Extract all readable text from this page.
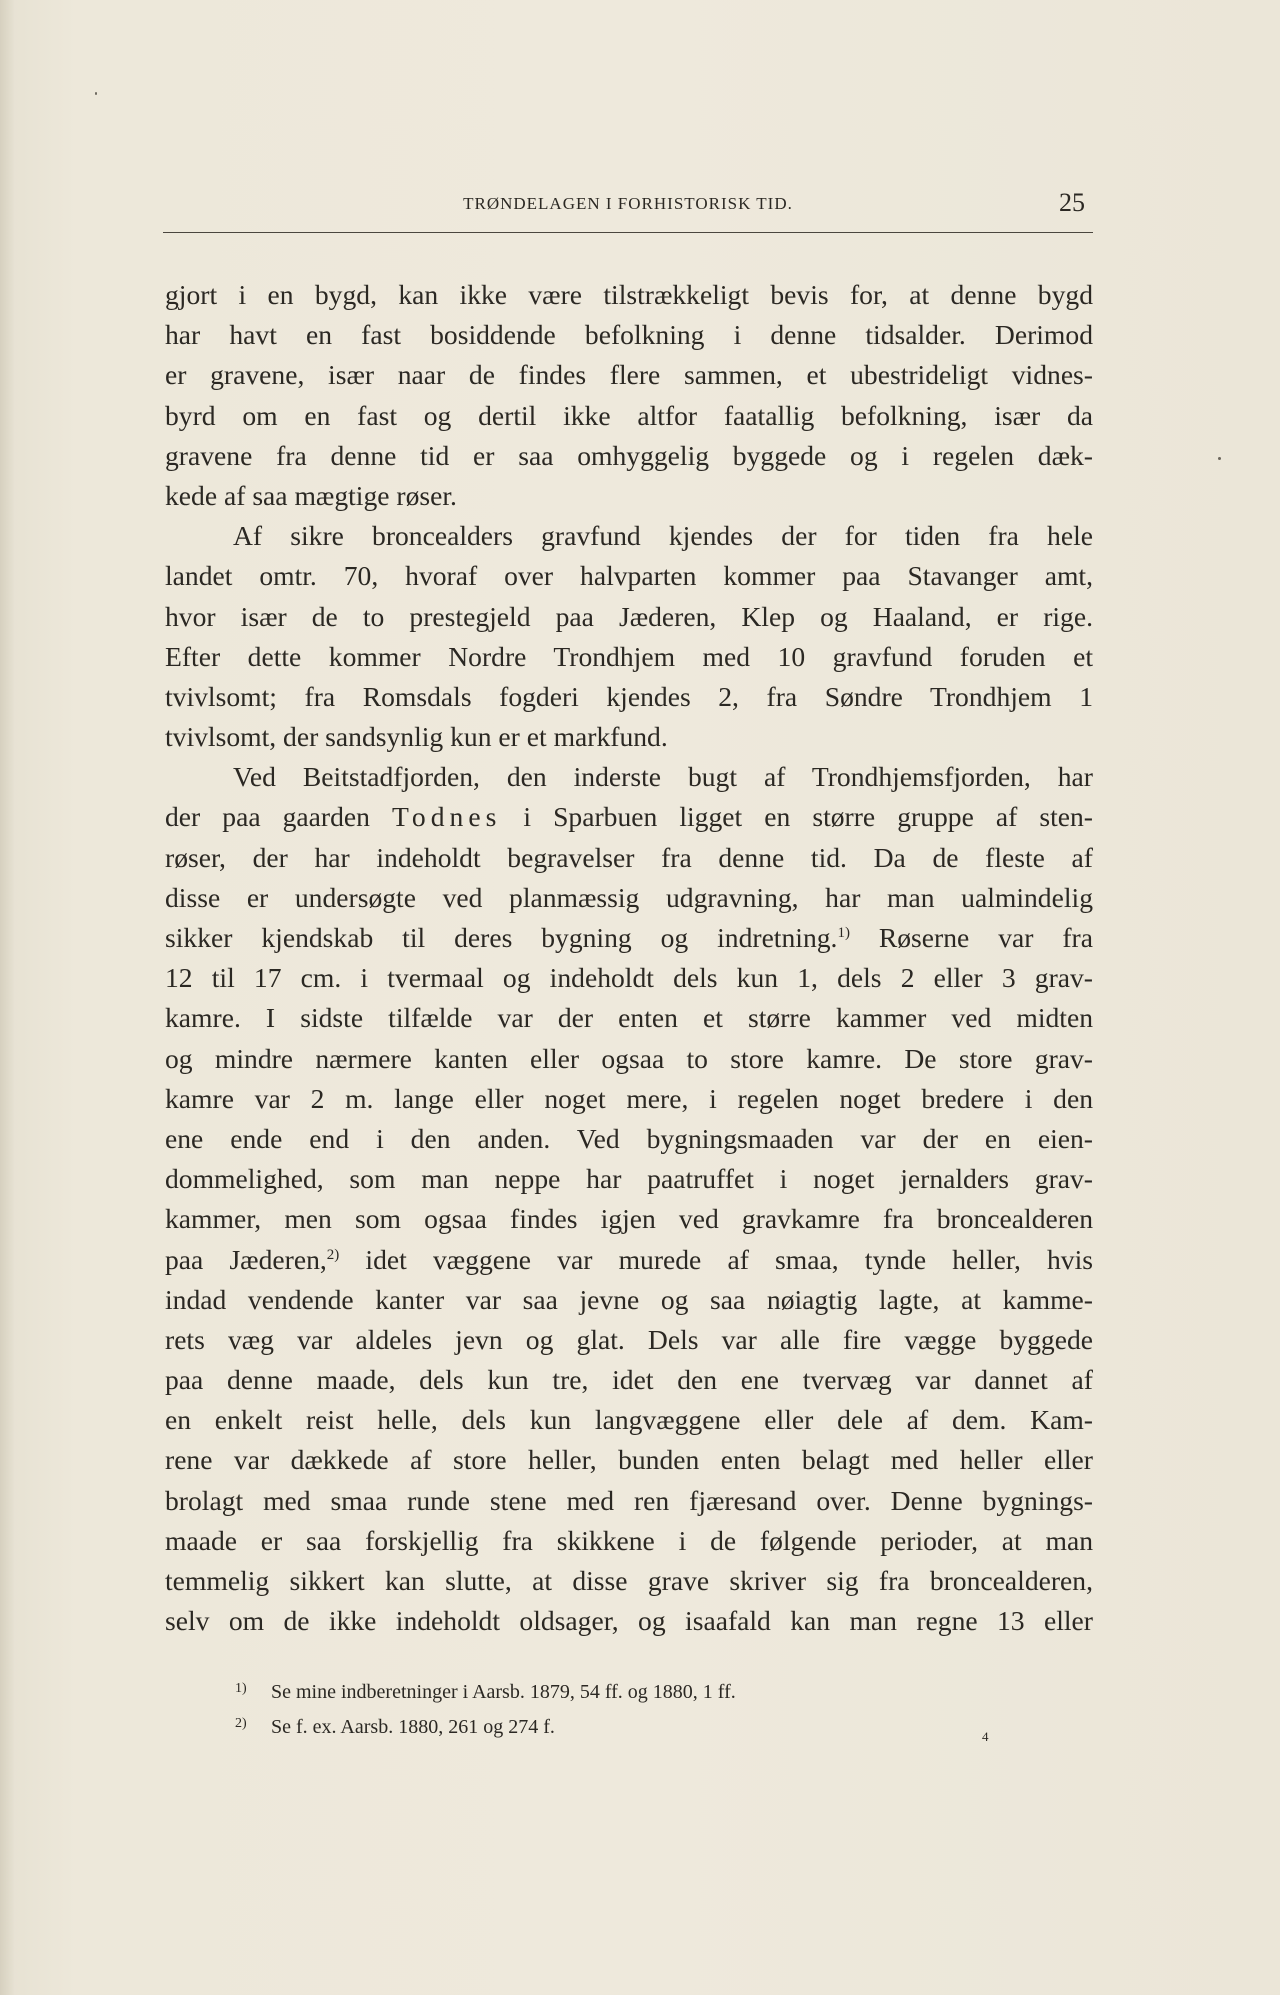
TRØNDELAGEN I FORHISTORISK TID.	25
gjort i en bygd, kan ikke være tilstrækkeligt bevis for, at denne bygd
har havt en fast bosiddende befolkning i denne tidsalder. Derimod
er gravene, især naar de findes flere sammen, et ubestrideligt vidnes-
byrd om en fast og dertil ikke altfor faatallig befolkning, især da
gravene fra denne tid er saa omhyggelig byggede og i regelen dæk-
kede af saa mægtige røser.
Af sikre broncealders gravfund kjendes der for tiden fra hele
landet omtr. 70, hvoraf over halvparten kommer paa Stavanger amt,
hvor især de to prestegjeld paa Jæderen, Klep og Haaland, er rige.
Efter dette kommer Nordre Trondhjem med 10 gravfund foruden et
tvivlsomt; fra Romsdals fogderi kjendes 2, fra Søndre Trondhjem 1
tvivlsomt, der sandsynlig kun er et markfund.
Ved Beitstadfjorden, den inderste bugt af Trondhjemsfjorden, har
der paa gaarden Todnes i Sparbuen ligget en større gruppe af sten-
røser, der har indeholdt begravelser fra denne tid. Da de fleste af
disse er undersøgte ved planmæssig udgravning, har man ualmindelig
sikker kjendskab til deres bygning og indretning.$^{1)}$ Røserne var fra
12 til 17 cm. i tvermaal og indeholdt dels kun 1, dels 2 eller 3 grav-
kamre. I sidste tilfælde var der enten et større kammer ved midten
og mindre nærmere kanten eller ogsaa to store kamre. De store grav-
kamre var 2 m. lange eller noget mere, i regelen noget bredere i den
ene ende end i den anden. Ved bygningsmaaden var der en eien-
dommelighed, som man neppe har paatruffet i noget jernalders grav-
kammer, men som ogsaa findes igjen ved gravkamre fra broncealderen
paa Jæderen,$^{2)}$ idet væggene var murede af smaa, tynde heller, hvis
indad vendende kanter var saa jevne og saa nøiagtig lagte, at kamme-
rets væg var aldeles jevn og glat. Dels var alle fire vægge byggede
paa denne maade, dels kun tre, idet den ene tvervæg var dannet af
en enkelt reist helle, dels kun langvæggene eller dele af dem. Kam-
rene var dækkede af store heller, bunden enten belagt med heller eller
brolagt med smaa runde stene med ren fjæresand over. Denne bygnings-
maade er saa forskjellig fra skikkene i de følgende perioder, at man
temmelig sikkert kan slutte, at disse grave skriver sig fra broncealderen,
selv om de ikke indeholdt oldsager, og isaafald kan man regne 13 eller
1) Se mine indberetninger i Aarsb. 1879, 54 ff. og 1880, 1 ff.
2) Se f. ex. Aarsb. 1880, 261 og 274 f.	4
